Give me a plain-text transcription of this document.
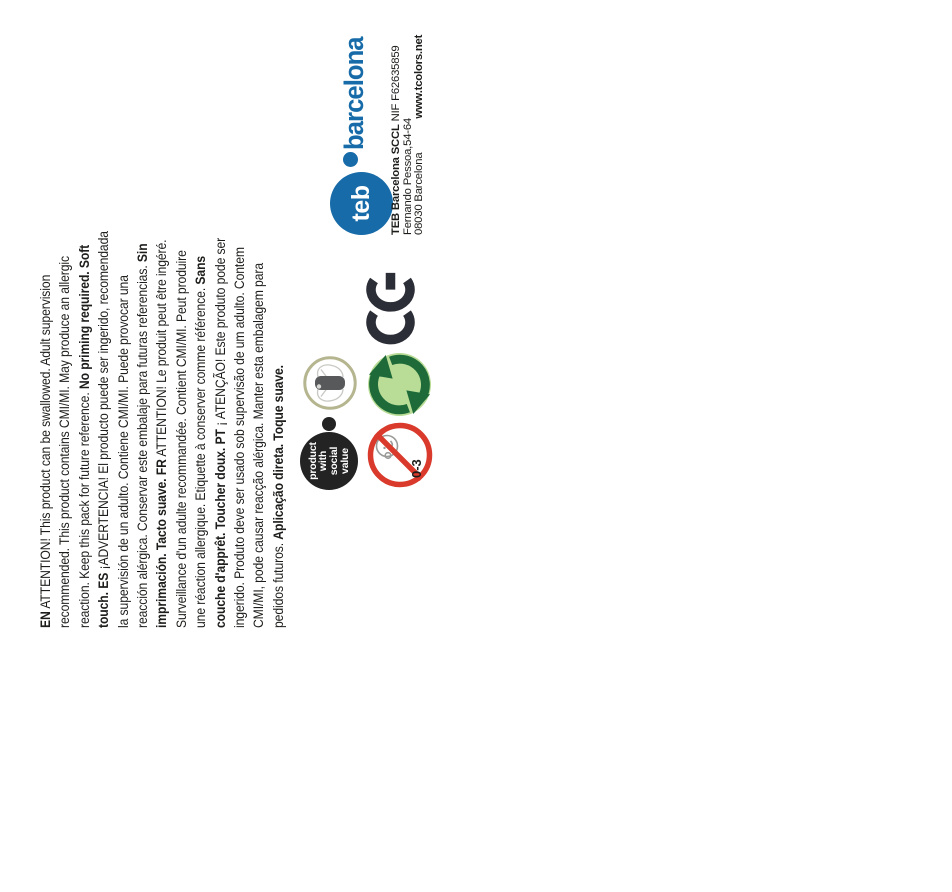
EN ATTENTION! This product can be swallowed. Adult supervision recommended. This product contains CMI/MI. May produce an allergic reaction. Keep this pack for future reference. No priming required. Soft
touch. ES ¡ADVERTENCIA! El producto puede ser ingerido, recomendada la supervisión de un adulto. Contiene CMI/MI. Puede provocar una reacción alérgica. Conservar este embalaje para futuras referencias. Sin
imprimación. Tacto suave. FR ATTENTION! Le produit peut être ingéré. Surveillance d'un adulte recommandée. Contient CMI/MI. Peut produire une réaction allergique. Etiquette à conserver comme référence. Sans
couche d'apprêt. Toucher doux. PT ¡ ATENÇÃO! Este produto pode ser ingerido. Produto deve ser usado sob supervisão de um adulto. Contem CMI/MI, pode causar reacção alérgica. Manter esta embalagem para pedidos futuros. Aplicação direta. Toque suave. product
with
social
value	0-3
teb
barcelona
TEB Barcelona SCCL NIF F62635859
Fernando Pessoa,54-64 08030 Barcelona www.tcolors.net
